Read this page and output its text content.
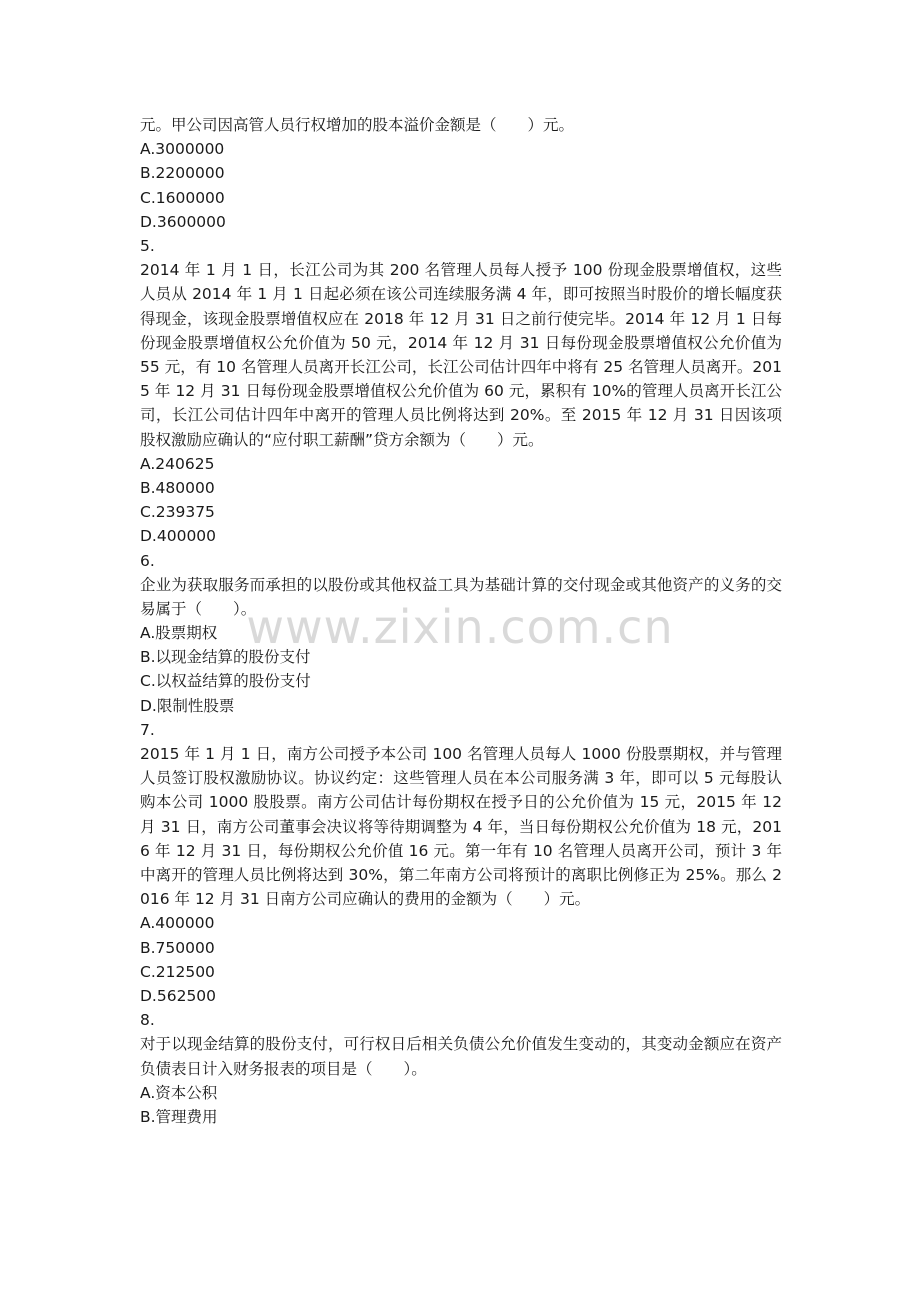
元。甲公司因高管人员行权增加的股本溢价金额是（　　）元。
A.3000000
B.2200000
C.1600000
D.3600000
5.
2014 年 1 月 1 日，长江公司为其 200 名管理人员每人授予 100 份现金股票增值权，这些人员从 2014 年 1 月 1 日起必须在该公司连续服务满 4 年，即可按照当时股价的增长幅度获得现金，该现金股票增值权应在 2018 年 12 月 31 日之前行使完毕。2014 年 12 月 1 日每份现金股票增值权公允价值为 50 元，2014 年 12 月 31 日每份现金股票增值权公允价值为 55 元，有 10 名管理人员离开长江公司，长江公司估计四年中将有 25 名管理人员离开。2015 年 12 月 31 日每份现金股票增值权公允价值为 60 元，累积有 10%的管理人员离开长江公司，长江公司估计四年中离开的管理人员比例将达到 20%。至 2015 年 12 月 31 日因该项股权激励应确认的“应付职工薪酬”贷方余额为（　　）元。
A.240625
B.480000
C.239375
D.400000
6.
企业为获取服务而承担的以股份或其他权益工具为基础计算的交付现金或其他资产的义务的交易属于（　　）。
A.股票期权
B.以现金结算的股份支付
C.以权益结算的股份支付
D.限制性股票
7.
2015 年 1 月 1 日，南方公司授予本公司 100 名管理人员每人 1000 份股票期权，并与管理人员签订股权激励协议。协议约定：这些管理人员在本公司服务满 3 年，即可以 5 元每股认购本公司 1000 股股票。南方公司估计每份期权在授予日的公允价值为 15 元，2015 年 12 月 31 日，南方公司董事会决议将等待期调整为 4 年，当日每份期权公允价值为 18 元，2016 年 12 月 31 日，每份期权公允价值 16 元。第一年有 10 名管理人员离开公司，预计 3 年中离开的管理人员比例将达到 30%，第二年南方公司将预计的离职比例修正为 25%。那么 2016 年 12 月 31 日南方公司应确认的费用的金额为（　　）元。
A.400000
B.750000
C.212500
D.562500
8.
对于以现金结算的股份支付，可行权日后相关负债公允价值发生变动的，其变动金额应在资产负债表日计入财务报表的项目是（　　）。
A.资本公积
B.管理费用
www.zixin.com.cn
